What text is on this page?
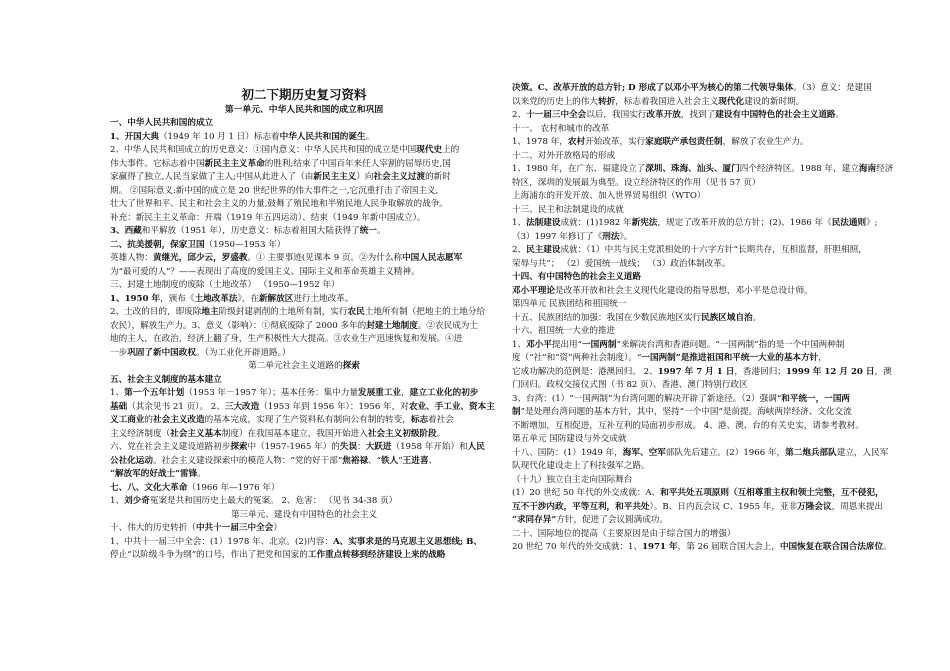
初二下期历史复习资料
第一单元、中华人民共和国的成立和巩固
一、中华人民共和国的成立
1、开国大典（1949 年 10 月 1 日）标志着中华人民共和国的诞生。
2、中华人民共和国成立的历史意义：①国内意义：中华人民共和国的成立是中国现代史上的
伟大事件。它标志着中国新民主主义革命的胜利;结束了中国百年来任人宰割的屈辱历史,国
家赢得了独立,人民当家做了主人;中国从此进入了（由新民主主义）向社会主义过渡的新时
期。 ②国际意义:新中国的成立是 20 世纪世界的伟大事件之一,它沉重打击了帝国主义,
壮大了世界和平、民主和社会主义的力量,鼓舞了殖民地和半殖民地人民争取解放的战争。
补充：新民主主义革命：开端（1919 年五四运动）、结束（1949 年新中国成立）。
3、西藏和平解放（1951 年），历史意义：标志着祖国大陆获得了统一。
二、抗美援朝，保家卫国（1950—1953 年）
英雄人物：黄继光，邱少云，罗盛教。① 主要事迹(见课本 9 页。②为什么称中国人民志愿军
为“最可爱的人”？——表现出了高度的爱国主义、国际主义和革命英雄主义精神。
三、封建土地制度的废除（土地改革） （1950—1952 年）
1、1950 年，颁布《土地改革法》，在新解放区进行土地改革。
2、土改的目的，即废除地主阶级封建剥削的土地所有制，实行农民土地所有制（把地主的土地分给
农民），解放生产力。3、意义（影响）：①彻底废除了 2000 多年的封建土地制度。②农民成为土
地的主人，在政治，经济上翻了身，生产积极性大大提高。③农业生产迅速恢复和发展。④进
一步巩固了新中国政权。（为工业化开辟道路。）
第二单元社会主义道路的探索
五、社会主义制度的基本建立
1、第一个五年计划（1953 年－1957 年）；基本任务：集中力量发展重工业，建立工业化的初步
基础（其余见书 21 页）。 2、三大改造（1953 年到 1956 年）：1956 年，对农业、手工业、资本主
义工商业的社会主义改造的基本完成，实现了生产资料私有制向公有制的转变，标志着社会
主义经济制度（社会主义基本制度）在我国基本建立，我国开始进入社会主义初级阶段。
六、党在社会主义建设道路初步探索中（1957-1965 年）的失误：大跃进（1958 年开始）和人民
公社化运动。社会主义建设探索中的模范人物：“党的好干部”焦裕禄、“铁人”王进喜、
“解放军的好战士”雷锋。
七、八、文化大革命（1966 年—1976 年）
1、刘少奇冤案是共和国历史上最大的冤案。 2、危害： （见书 34-38 页）
第三单元、建设有中国特色的社会主义
十、伟大的历史转折（中共十一届三中全会）
1、中共十一届三中全会：(1）1978 年、北京。(2)内容：A、实事求是的马克思主义思想线; B、
停止“以阶级斗争为纲”的口号，作出了把党和国家的工作重点转移到经济建设上来的战略
决策。C、改革开放的总方针; D 形成了以邓小平为核心的第二代领导集体。（3）意义：是建国
以来党的历史上的伟大转折，标志着我国进入社会主义现代化建设的新时期。
2、十一届三中全会以后，我国实行改革开放，找到了建设有中国特色的社会主义道路。
十一、 农村和城市的改革
1、1978 年，农村开始改革，实行家庭联产承包责任制，解放了农业生产力。
十二、对外开放格局的形成
1、1980 年，在广东、福建设立了深圳、珠海、汕头、厦门四个经济特区。1988 年，建立海南经济
特区，深圳的发展最为典型。设立经济特区的作用（见书 57 页）
上海浦东的开发开放、加入世界贸易组织（WTO）
十三、民主和法制建设的成就
1、法制建设成就：(1)1982 年新宪法，规定了改革开放的总方针；(2)、1986 年《民法通则》;
（3）1997 年修订了《刑法》。
2、民主建设成就：（1）中共与民主党派相处的十六字方针“长期共存，互相监督，肝胆相照，
荣辱与共”； （2）爱国统一战线； （3）政治体制改革。
十四、有中国特色的社会主义道路
邓小平理论是改革开放和社会主义现代化建设的指导思想，邓小平是总设计师。
第四单元 民族团结和祖国统一
十五、民族团结的加强：我国在少数民族地区实行民族区域自治。
十六、祖国统一大业的推进
1、邓小平提出用“一国两制”来解决台湾和香港问题。“一国两制”指的是一个中国两种制
度（“社”和“资”两种社会制度）。“一国两制”是推进祖国和平统一大业的基本方针，
它成功解决的范例是：港澳回归。 2、1997 年 7 月 1 日，香港回归；1999 年 12 月 20 日，澳
门回归。政权交接仪式图（书 82 页）、香港、澳门特别行政区
3、台湾：(1）“一国两制”为台湾问题的解决开辟了新途径。（2）强调“和平统一，一国两
制”是处理台湾问题的基本方针，其中，坚持“一个中国”是前提。海峡两岸经济、文化交流
不断增加，互相促进，互补互利的局面初步形成。 4、港、澳、台的有关史实，请参考教材。
第五单元 国防建设与外交成就
十八、国防：(1）1949 年，海军、空军部队先后建立。(2）1966 年，第二炮兵部队建立，人民军
队现代化建设走上了科技强军之路。
（十九）独立自主走向国际舞台
(1）20 世纪 50 年代的外交成就：A、和平共处五项原则（互相尊重主权和领土完整，互不侵犯，
互不干涉内政，平等互利，和平共处）。B、日内瓦会议 C、1955 年，亚非万隆会议，周恩来提出
“求同存异”方针，促进了会议圆满成功。
二十、国际地位的提高（主要原因是由于综合国力的增强）
20 世纪 70 年代的外交成就：1、1971 年，第 26 届联合国大会上，中国恢复在联合国合法席位。
